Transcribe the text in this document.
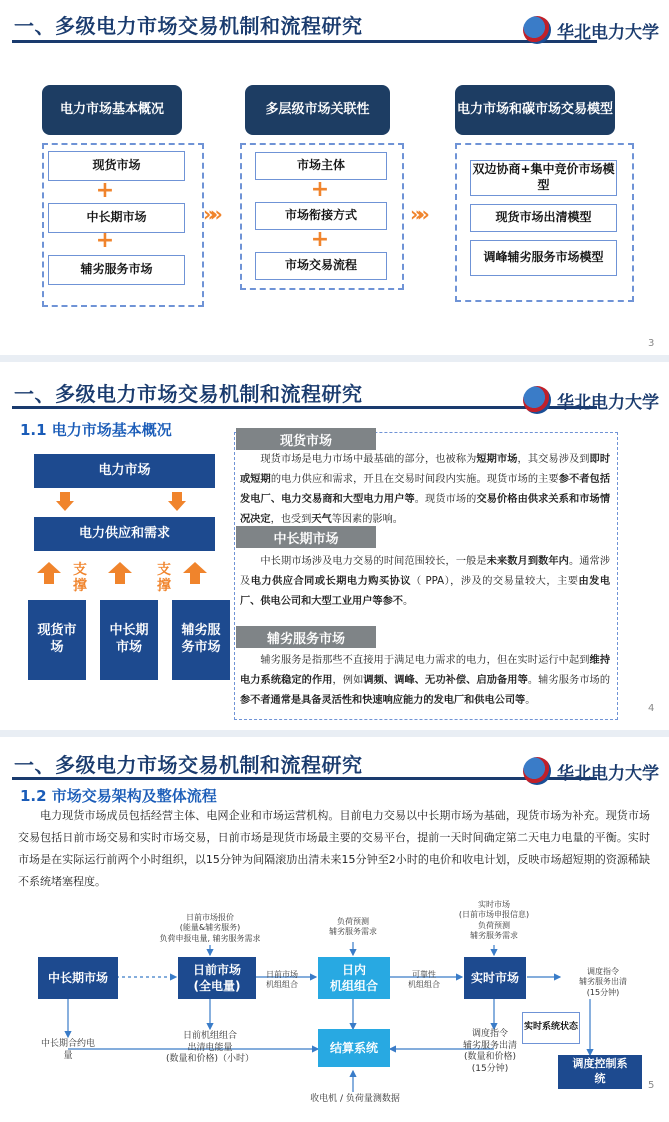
一、多级电力市场交易机制和流程研究	华北电力大学
电力市场基本概况
现货市场
+
中长期市场
+
辅劣服务市场
»»
多层级市场关联性
市场主体
+
市场衔接方式
+
市场交易流程
»»
电力市场和碳市场交易模型
双边协商+集中竞价市场模型
现货市场出清模型
调峰辅劣服务市场模型
3
一、多级电力市场交易机制和流程研究	华北电力大学
1.1 电力市场基本概况
电力市场
电力供应和需求
支撑
支撑
现货市场
中长期市场
辅劣服务市场
现货市场
现货市场是电力市场中最基础的部分，也被称为短期市场，其交易涉及到即时或短期的电力供应和需求，开且在交易时间段内实施。现货市场的主要参不者包括发电厂、电力交易商和大型电力用户等。现货市场的交易价格由供求关系和市场情况决定，也受到天气等因素的影响。
中长期市场
中长期市场涉及电力交易的时间范围较长，一般是未来数月到数年内。通常涉及电力供应合同或长期电力购买协议（ PPA），涉及的交易量较大，主要由发电厂、供电公司和大型工业用户等参不。
辅劣服务市场
辅劣服务是指那些不直接用于满足电力需求的电力，但在实时运行中起到维持电力系统稳定的作用，例如调频、调峰、无功补偿、启劢备用等。辅劣服务市场的参不者通常是具备灵活性和快速响应能力的发电厂和供电公司等。
4
一、多级电力市场交易机制和流程研究	华北电力大学
1.2 市场交易架构及整体流程
电力现货市场成员包括经营主体、电网企业和市场运营机构。目前电力交易以中长期市场为基础，现货市场为补充。现货市场交易包括日前市场交易和实时市场交易，日前市场是现货市场最主要的交易平台，提前一天时间确定第二天电力电量的平衡。实时市场是在实际运行前两个小时组织，以15分钟为间隔滚劢出清未来15分钟至2小时的电价和收电计划，反映市场超短期的资源稀缺不系统堵塞程度。
日前市场报价
(能量&辅劣服务)
负荷申报电量, 辅劣服务需求
负荷预测
辅劣服务需求
实时市场
(日前市场申报信息)
负荷预测
辅劣服务需求
中长期市场
日前市场 (全电量)
日前市场
机组组合
日内
机组组合
可靠性
机组组合	实时市场	调度指令
辅劣服务出清
(15分钟)
中长期合约电
量
日前机组组合
出清电能量
(数量和价格)（小时）
结算系统
调度指令
辅劣服务出清
(数量和价格)
(15分钟)
实时系统状态
调度控制系统
收电机 / 负荷量测数据
5
